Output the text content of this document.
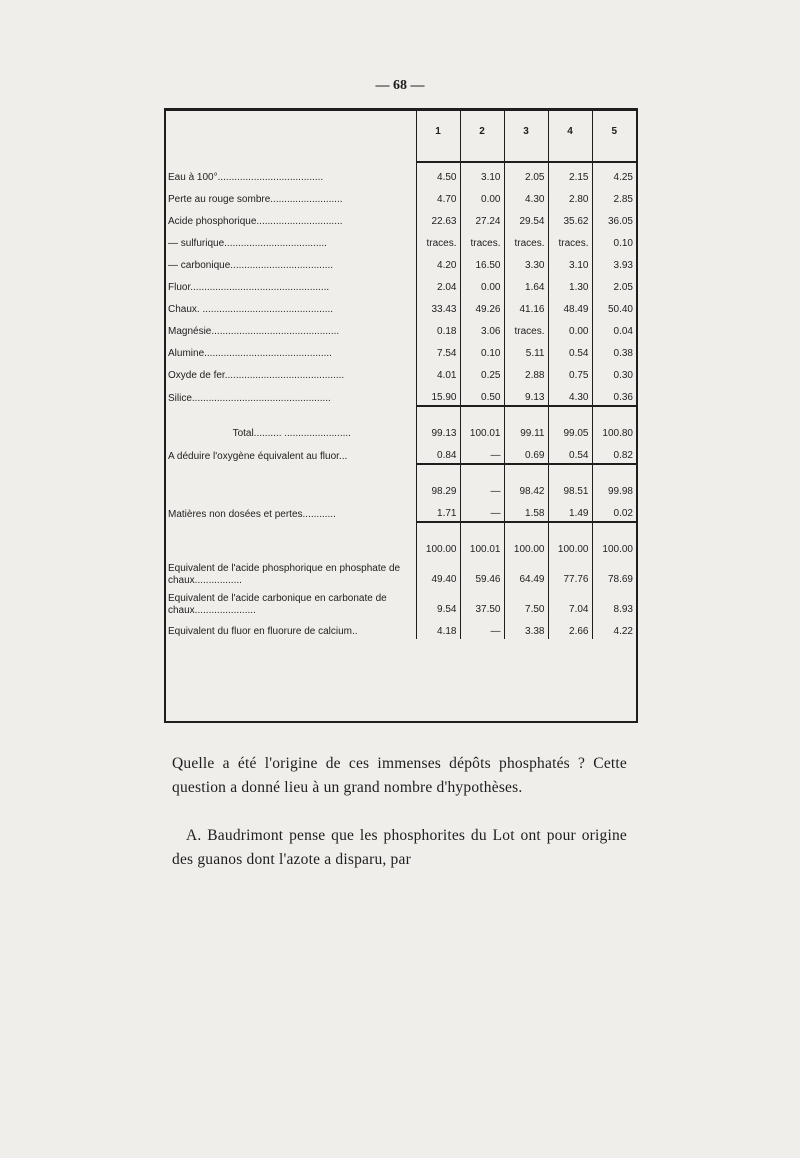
— 68 —
	1	2	3	4	5
Eau à 100°......................................	4.50	3.10	2.05	2.15	4.25
Perte au rouge sombre..........................	4.70	0.00	4.30	2.80	2.85
Acide phosphorique...............................	22.63	27.24	29.54	35.62	36.05
— sulfurique.....................................	traces.	traces.	traces.	traces.	0.10
— carbonique.....................................	4.20	16.50	3.30	3.10	3.93
Fluor..................................................	2.04	0.00	1.64	1.30	2.05
Chaux. ...............................................	33.43	49.26	41.16	48.49	50.40
Magnésie..............................................	0.18	3.06	traces.	0.00	0.04
Alumine..............................................	7.54	0.10	5.11	0.54	0.38
Oxyde de fer...........................................	4.01	0.25	2.88	0.75	0.30
Silice..................................................	15.90	0.50	9.13	4.30	0.36

Total.......... ........................	99.13	100.01	99.11	99.05	100.80
A déduire l'oxygène équivalent au fluor...	0.84	—	0.69	0.54	0.82

	98.29	—	98.42	98.51	99.98
Matières non dosées et pertes............	1.71	—	1.58	1.49	0.02

	100.00	100.01	100.00	100.00	100.00
Equivalent de l'acide phosphorique en phosphate de chaux.................	49.40	59.46	64.49	77.76	78.69
Equivalent de l'acide carbonique en carbonate de chaux......................	9.54	37.50	7.50	7.04	8.93
Equivalent du fluor en fluorure de calcium..	4.18	—	3.38	2.66	4.22
Quelle a été l'origine de ces immenses dépôts phosphatés ? Cette question a donné lieu à un grand nombre d'hypothèses.
A. Baudrimont pense que les phosphorites du Lot ont pour origine des guanos dont l'azote a disparu, par
